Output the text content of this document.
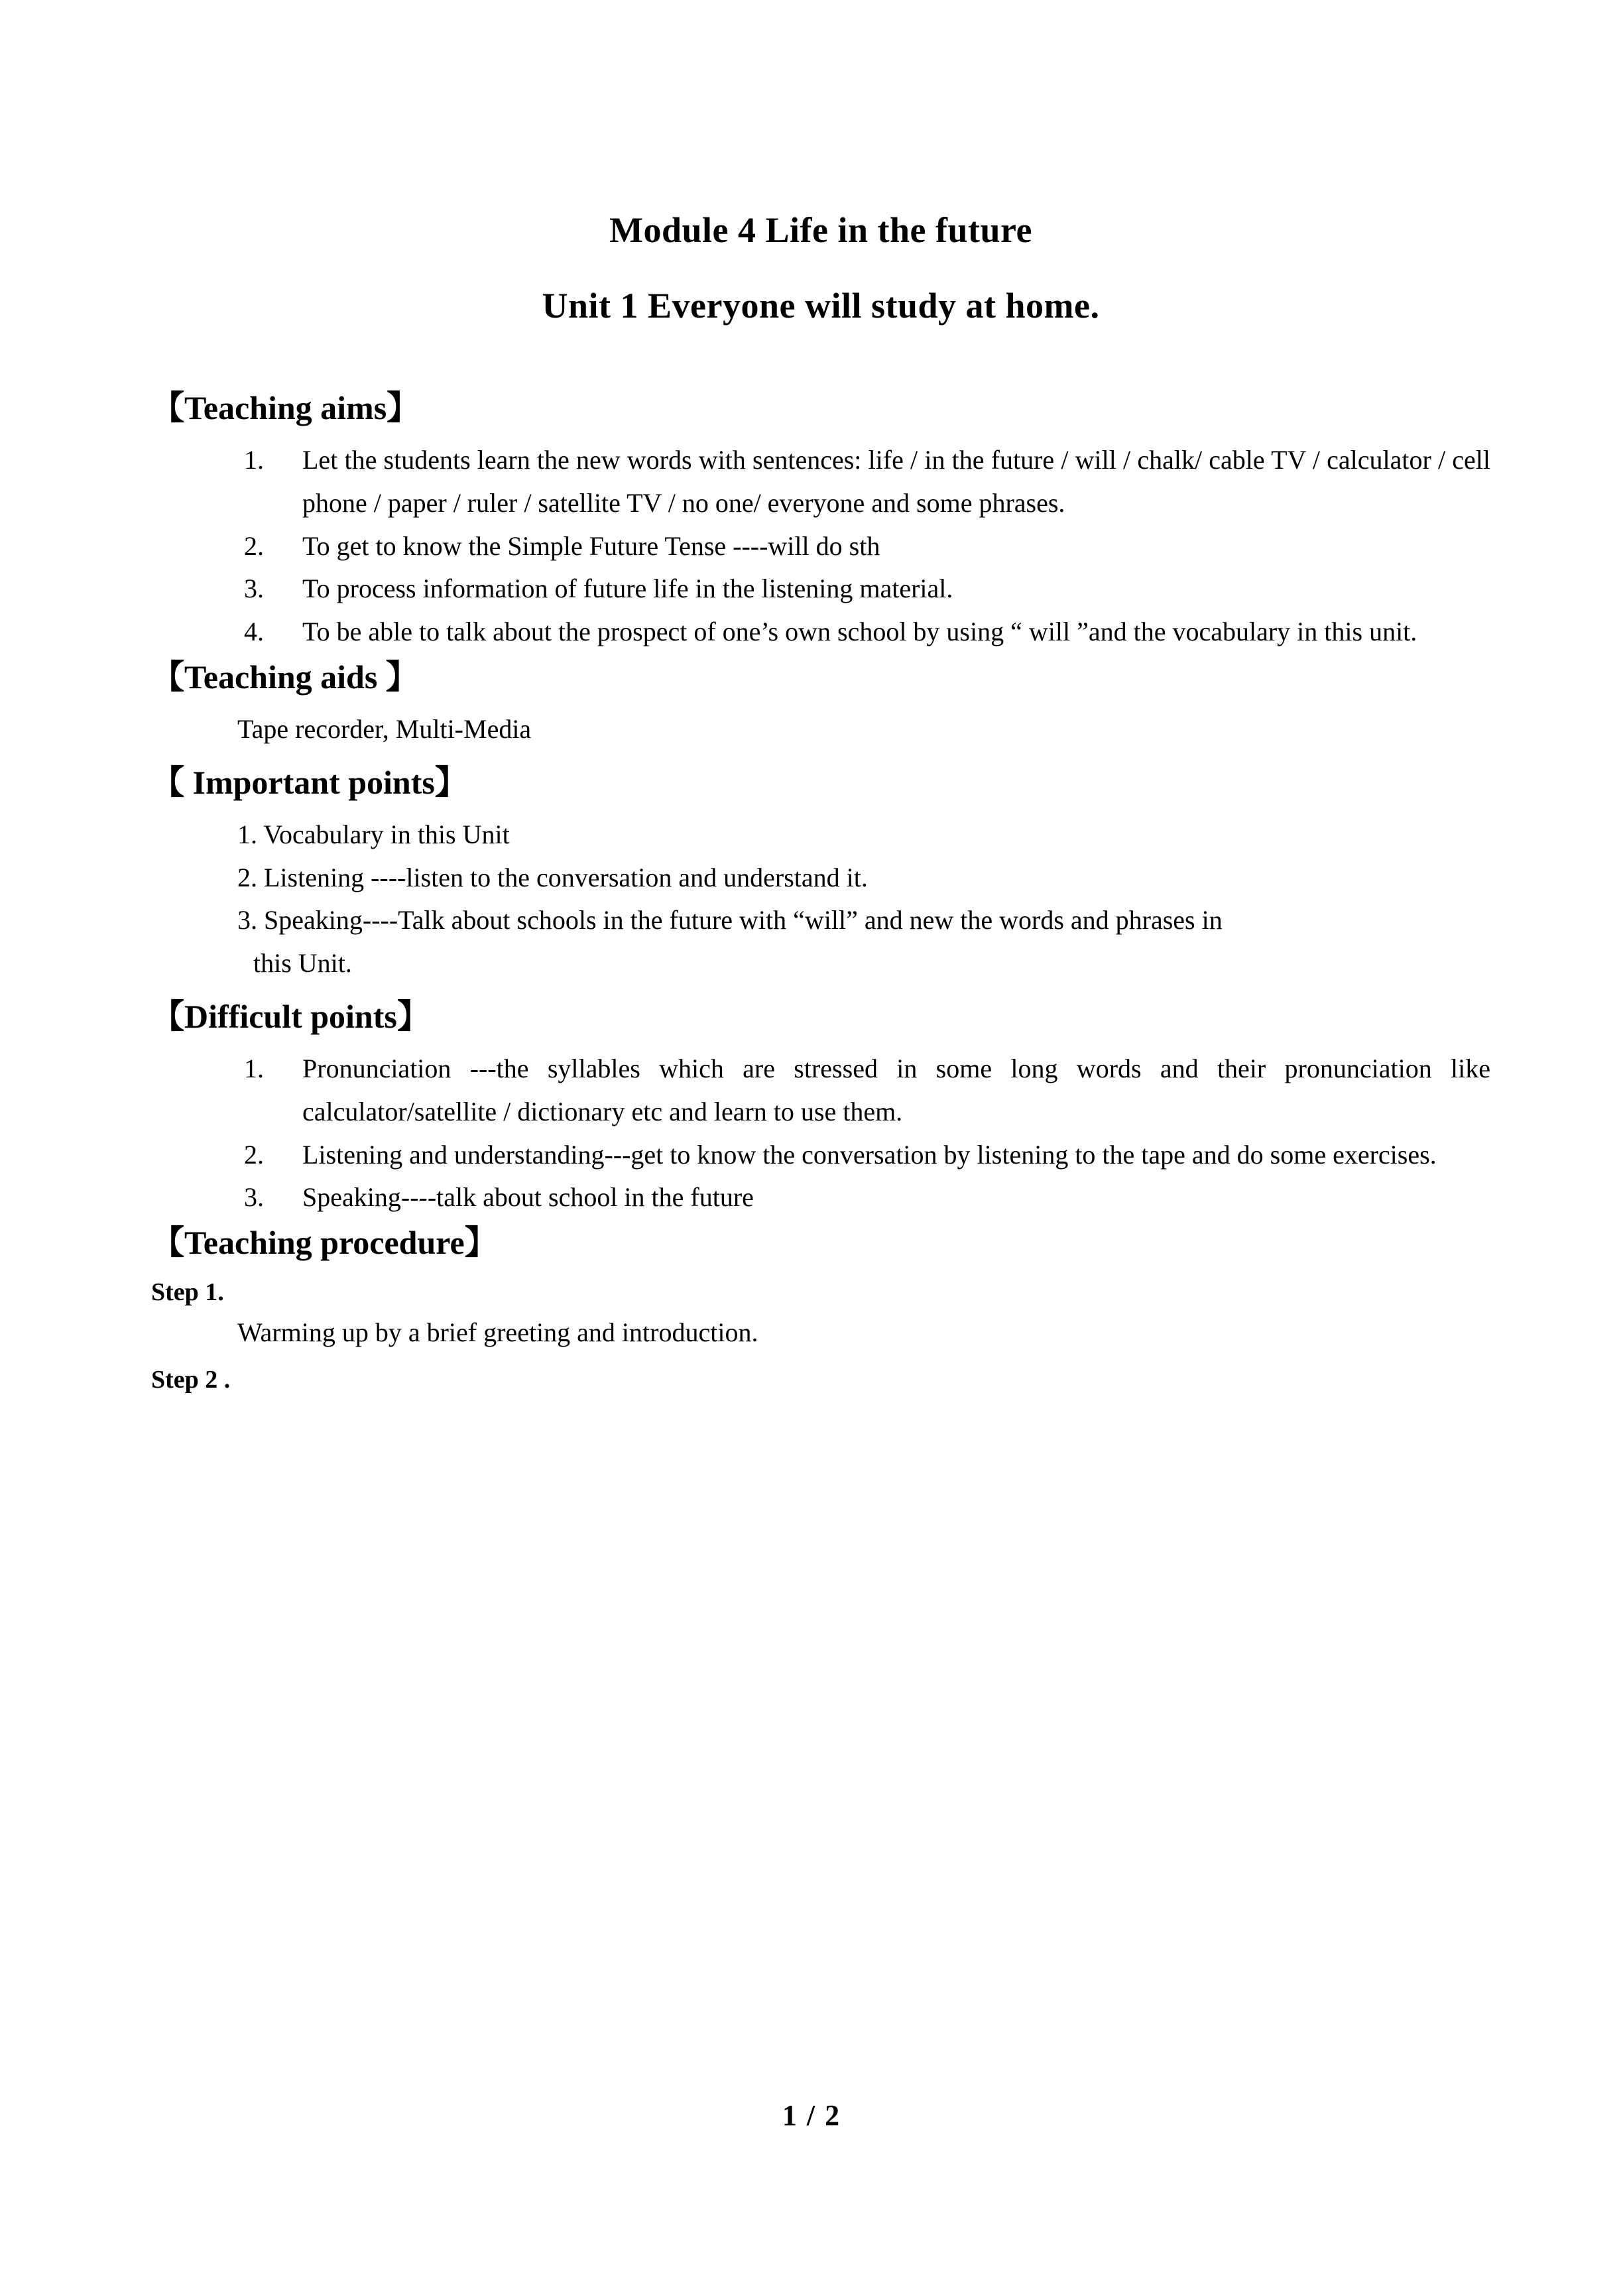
Module 4 Life in the future
Unit 1 Everyone will study at home.
【Teaching aims】
1.	Let the students learn the new words with sentences: life / in the future / will / chalk/ cable TV / calculator / cell phone / paper / ruler / satellite TV / no one/ everyone and some phrases.
2.	To get to know the Simple Future Tense ----will do sth
3.	To process information of future life in the listening material.
4.	To be able to talk about the prospect of one’s own school by using “ will ”and the vocabulary in this unit.
【Teaching aids 】
Tape recorder, Multi-Media
【 Important points】
1. Vocabulary in this Unit
2. Listening ----listen to the conversation and understand it.
3. Speaking----Talk about schools in the future with “will” and new the words and phrases in
this Unit.
【Difficult points】
1.	Pronunciation ---the syllables which are stressed in some long words and their pronunciation like calculator/satellite / dictionary etc and learn to use them.
2.	Listening and understanding---get to know the conversation by listening to the tape and do some exercises.
3.	Speaking----talk about school in the future
【Teaching procedure】
Step 1.
Warming up by a brief greeting and introduction.
Step 2 .
1 / 2
